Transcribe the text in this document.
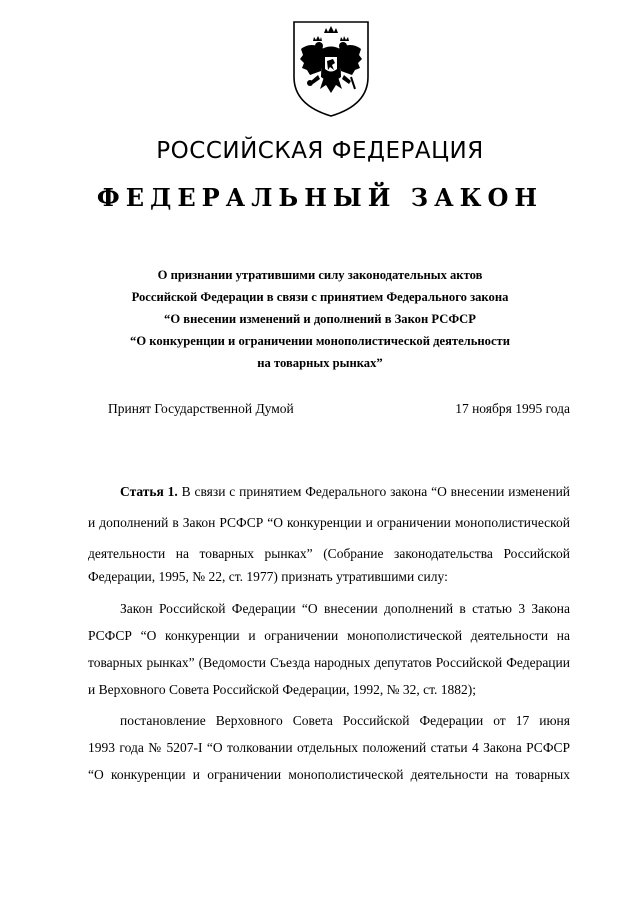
РОССИЙСКАЯ ФЕДЕРАЦИЯ
ФЕДЕРАЛЬНЫЙ ЗАКОН
О признании утратившими силу законодательных актов
Российской Федерации в связи с принятием Федерального закона
“О внесении изменений и дополнений в Закон РСФСР
“О конкуренции и ограничении монополистической деятельности
на товарных рынках”
Принят Государственной Думой	17 ноября 1995 года
Статья 1. В связи с принятием Федерального закона “О внесении изменений
и дополнений в Закон РСФСР “О конкуренции и ограничении монополистической
деятельности на товарных рынках” (Собрание законодательства Российской
Федерации, 1995, № 22, ст. 1977) признать утратившими силу:
Закон Российской Федерации “О внесении дополнений в статью 3 Закона
РСФСР “О конкуренции и ограничении монополистической деятельности на
товарных рынках” (Ведомости Съезда народных депутатов Российской Федерации
и Верховного Совета Российской Федерации, 1992, № 32, ст. 1882);
постановление Верховного Совета Российской Федерации от 17 июня
1993 года № 5207-I “О толковании отдельных положений статьи 4 Закона РСФСР
“О конкуренции и ограничении монополистической деятельности на товарных
